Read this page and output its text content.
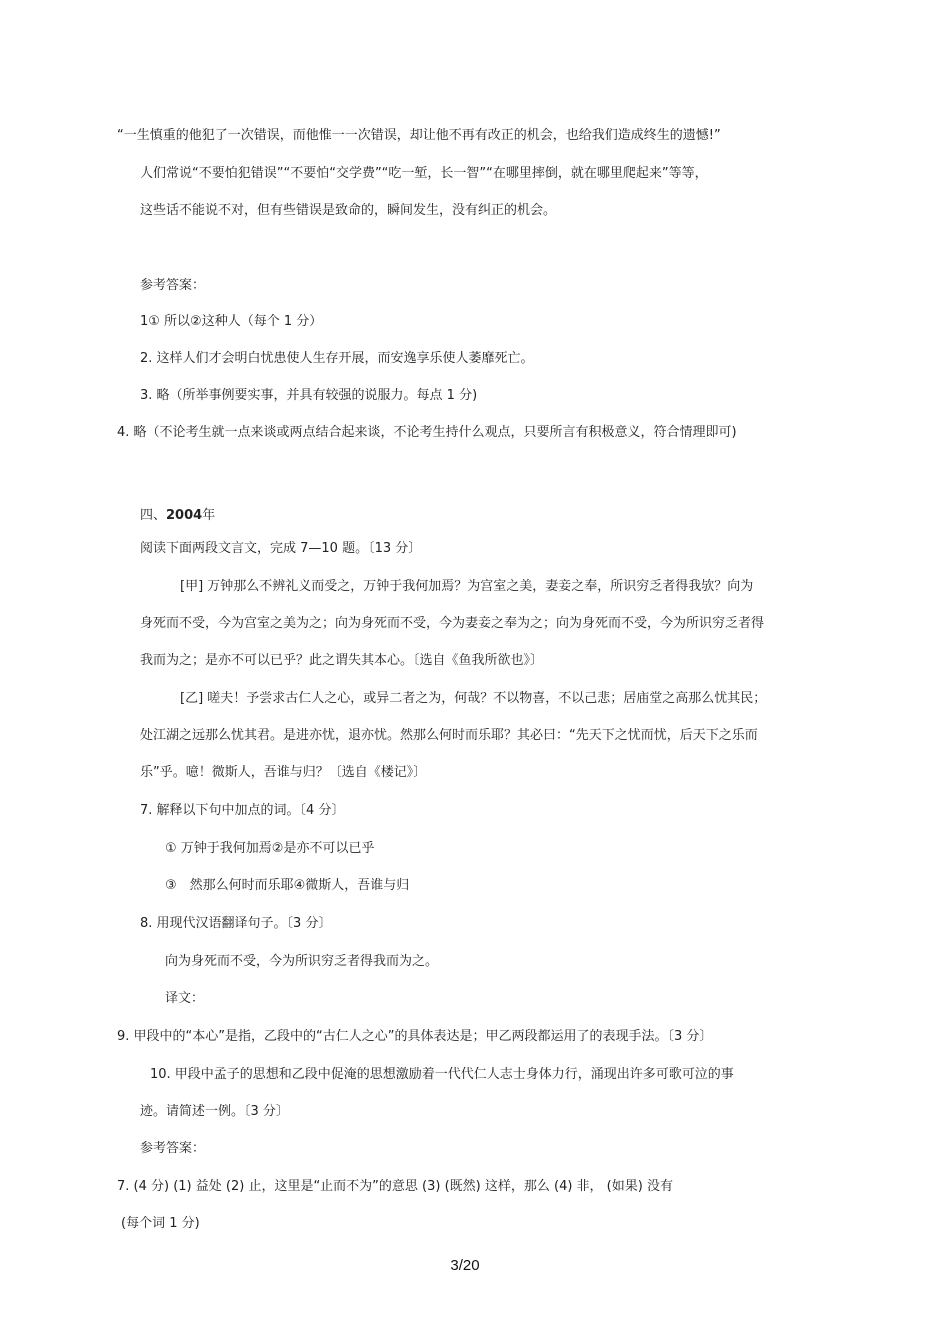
“一生慎重的他犯了一次错误，而他惟一一次错误，却让他不再有改正的机会，也给我们造成终生的遗憾!”
人们常说“不要怕犯错误”“不要怕“交学费”“吃一堑，长一智”“在哪里摔倒，就在哪里爬起来”等等，
这些话不能说不对，但有些错误是致命的，瞬间发生，没有纠正的机会。
参考答案：
1① 所以②这种人（每个 1 分）
2. 这样人们才会明白忧患使人生存开展，而安逸享乐使人萎靡死亡。
3. 略（所举事例要实事，并具有较强的说服力。每点 1 分)
4. 略（不论考生就一点来谈或两点结合起来谈，不论考生持什么观点，只要所言有积极意义，符合情理即可)
四、2004年
阅读下面两段文言文，完成 7—10 题。〔13 分〕
[甲] 万钟那么不辨礼义而受之，万钟于我何加焉？为宫室之美，妻妾之奉，所识穷乏者得我欤？向为
身死而不受，今为宫室之美为之；向为身死而不受，今为妻妾之奉为之；向为身死而不受，今为所识穷乏者得
我而为之；是亦不可以已乎？此之谓失其本心。〔选自《鱼我所欲也》〕
[乙] 嗟夫！予尝求古仁人之心，或异二者之为，何哉？不以物喜，不以己悲；居庙堂之高那么忧其民；
处江湖之远那么忧其君。是进亦忧，退亦忧。然那么何时而乐耶？其必曰：“先天下之忧而忧，后天下之乐而
乐”乎。噫！微斯人，吾谁与归？〔选自《楼记》〕
7. 解释以下句中加点的词。〔4 分〕
① 万钟于我何加焉②是亦不可以已乎
③　然那么何时而乐耶④微斯人，吾谁与归
8. 用现代汉语翻译句子。〔3 分〕
向为身死而不受，今为所识穷乏者得我而为之。
译文：
9. 甲段中的“本心”是指，乙段中的“古仁人之心”的具体表达是；甲乙两段都运用了的表现手法。〔3 分〕
10. 甲段中孟子的思想和乙段中促淹的思想激励着一代代仁人志士身体力行，涌现出许多可歌可泣的事
迹。请简述一例。〔3 分〕
参考答案：
7. (4 分) (1) 益处 (2) 止，这里是“止而不为”的意思 (3) (既然) 这样，那么 (4) 非， (如果) 没有
(每个词 1 分)
3/20
